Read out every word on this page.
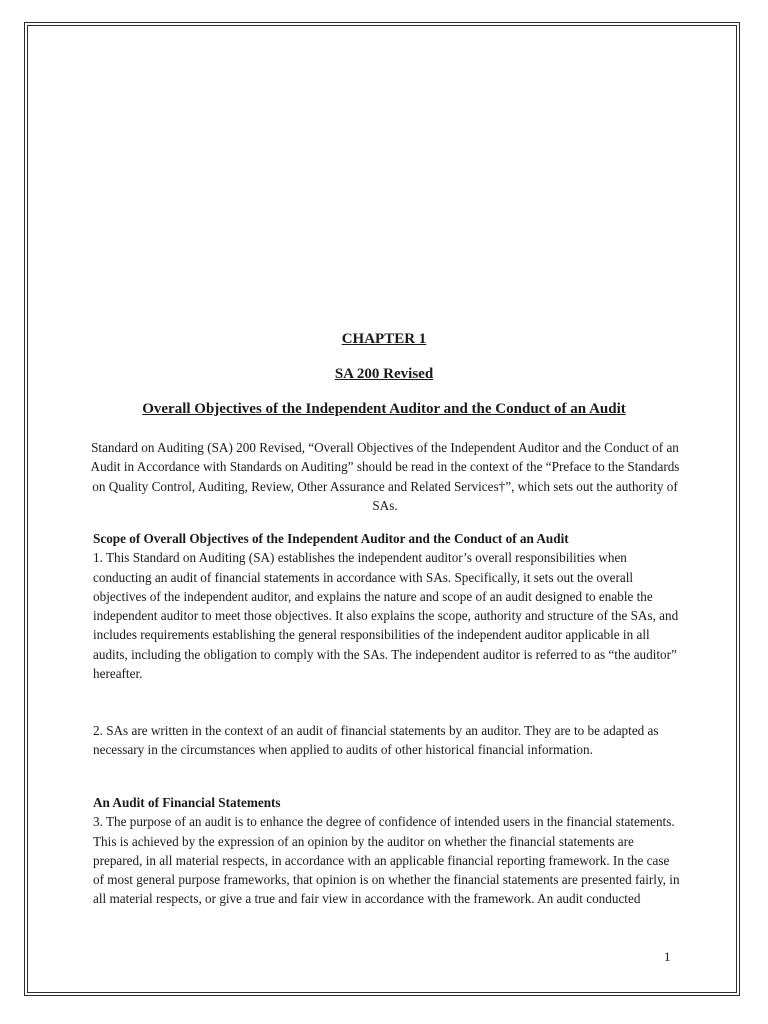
CHAPTER 1
SA 200 Revised
Overall Objectives of the Independent Auditor and the Conduct of an Audit
Standard on Auditing (SA) 200 Revised, “Overall Objectives of the Independent Auditor and the Conduct of an Audit in Accordance with Standards on Auditing” should be read in the context of the “Preface to the Standards on Quality Control, Auditing, Review, Other Assurance and Related Services†”, which sets out the authority of SAs.
Scope of Overall Objectives of the Independent Auditor and the Conduct of an Audit
1. This Standard on Auditing (SA) establishes the independent auditor’s overall responsibilities when conducting an audit of financial statements in accordance with SAs. Specifically, it sets out the overall objectives of the independent auditor, and explains the nature and scope of an audit designed to enable the independent auditor to meet those objectives. It also explains the scope, authority and structure of the SAs, and includes requirements establishing the general responsibilities of the independent auditor applicable in all audits, including the obligation to comply with the SAs. The independent auditor is referred to as “the auditor” hereafter.
2. SAs are written in the context of an audit of financial statements by an auditor. They are to be adapted as necessary in the circumstances when applied to audits of other historical financial information.
An Audit of Financial Statements
3. The purpose of an audit is to enhance the degree of confidence of intended users in the financial statements. This is achieved by the expression of an opinion by the auditor on whether the financial statements are prepared, in all material respects, in accordance with an applicable financial reporting framework. In the case of most general purpose frameworks, that opinion is on whether the financial statements are presented fairly, in all material respects, or give a true and fair view in accordance with the framework. An audit conducted
1
